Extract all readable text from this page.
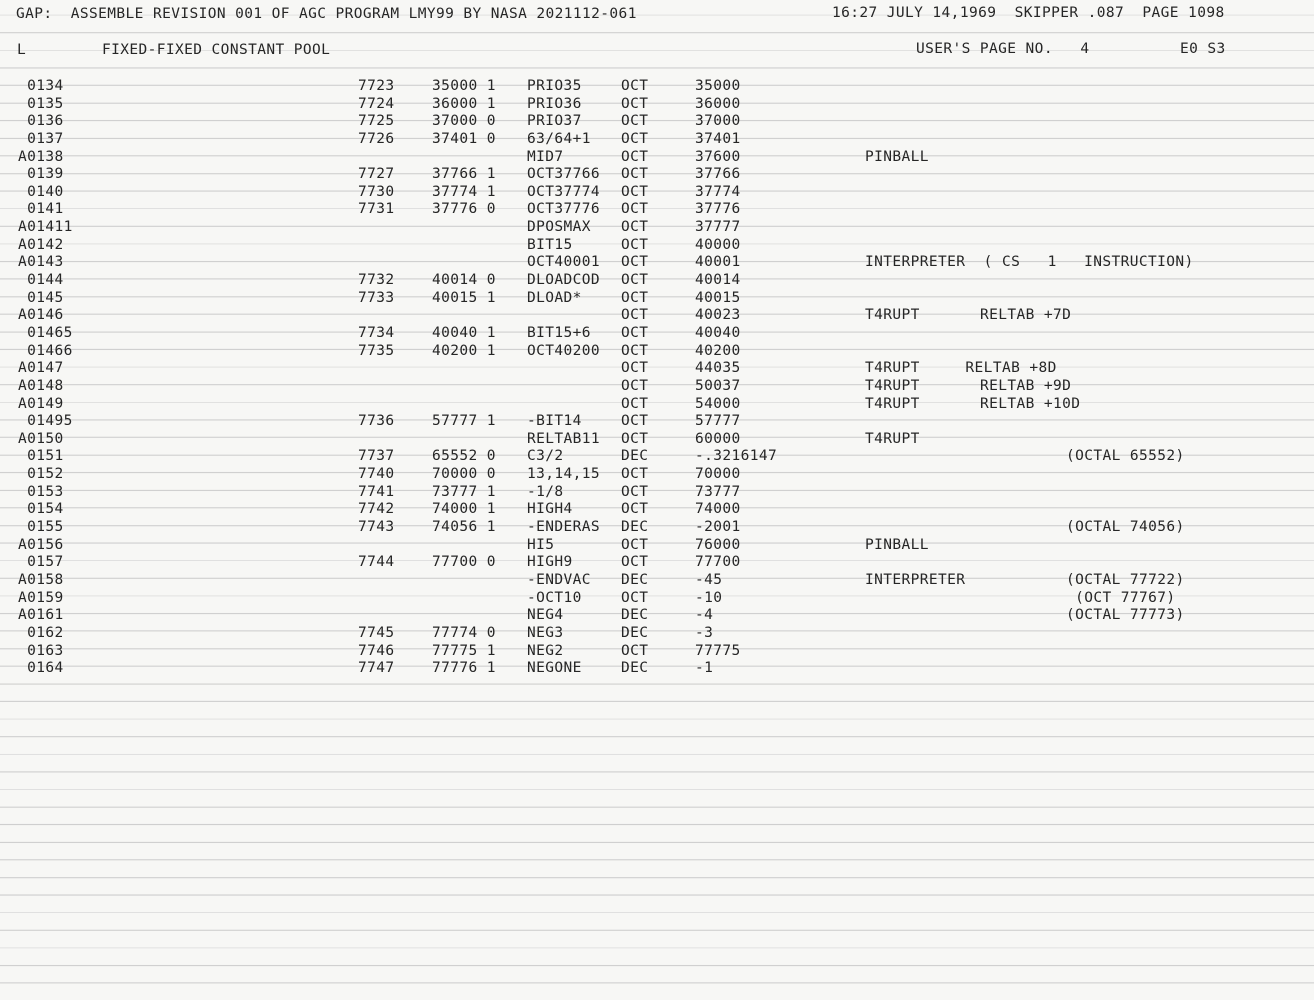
GAP:  ASSEMBLE REVISION 001 OF AGC PROGRAM LMY99 BY NASA 2021112-061	16:27 JULY 14,1969  SKIPPER .087  PAGE 1098
L	FIXED-FIXED CONSTANT POOL	USER'S PAGE NO.   4	E0 S3
0134	7723	35000 1 PRIO35	OCT	35000
0135	7724	36000 1 PRIO36	OCT	36000
0136	7725	37000 0 PRIO37	OCT	37000
0137	7726	37401 0 63/64+1 OCT	37401
A0138	MID7	OCT	37600	PINBALL
0139	7727	37766 1 OCT37766 OCT	37766
0140	7730	37774 1 OCT37774 OCT	37774
0141	7731	37776 0 OCT37776 OCT	37776
A01411	DPOSMAX OCT	37777
A0142	BIT15	OCT	40000
A0143	OCT40001 OCT	40001	INTERPRETER  ( CS   1   INSTRUCTION)
0144	7732	40014 0 DLOADCOD OCT	40014
0145	7733	40015 1 DLOAD*	OCT	40015
A0146	OCT	40023	T4RUPT	RELTAB +7D
01465	7734	40040 1 BIT15+6 OCT	40040
01466	7735	40200 1 OCT40200 OCT	40200
A0147	OCT	44035	T4RUPT     RELTAB +8D
A0148	OCT	50037	T4RUPT	RELTAB +9D
A0149	OCT	54000	T4RUPT	RELTAB +10D
01495	7736	57777 1 -BIT14	OCT	57777
A0150	RELTAB11 OCT	60000	T4RUPT
0151	7737	65552 0 C3/2	DEC	-.3216147	(OCTAL 65552)
0152	7740	70000 0 13,14,15 OCT	70000
0153	7741	73777 1 -1/8	OCT	73777
0154	7742	74000 1 HIGH4	OCT	74000
0155	7743	74056 1 -ENDERAS DEC	-2001	(OCTAL 74056)
A0156	HI5	OCT	76000	PINBALL
0157	7744	77700 0 HIGH9	OCT	77700
A0158	-ENDVAC DEC	-45	INTERPRETER	(OCTAL 77722)
A0159	-OCT10	OCT	-10	(OCT 77767)
A0161	NEG4	DEC	-4	(OCTAL 77773)
0162	7745	77774 0 NEG3	DEC	-3
0163	7746	77775 1 NEG2	OCT	77775
0164	7747	77776 1 NEGONE	DEC	-1
